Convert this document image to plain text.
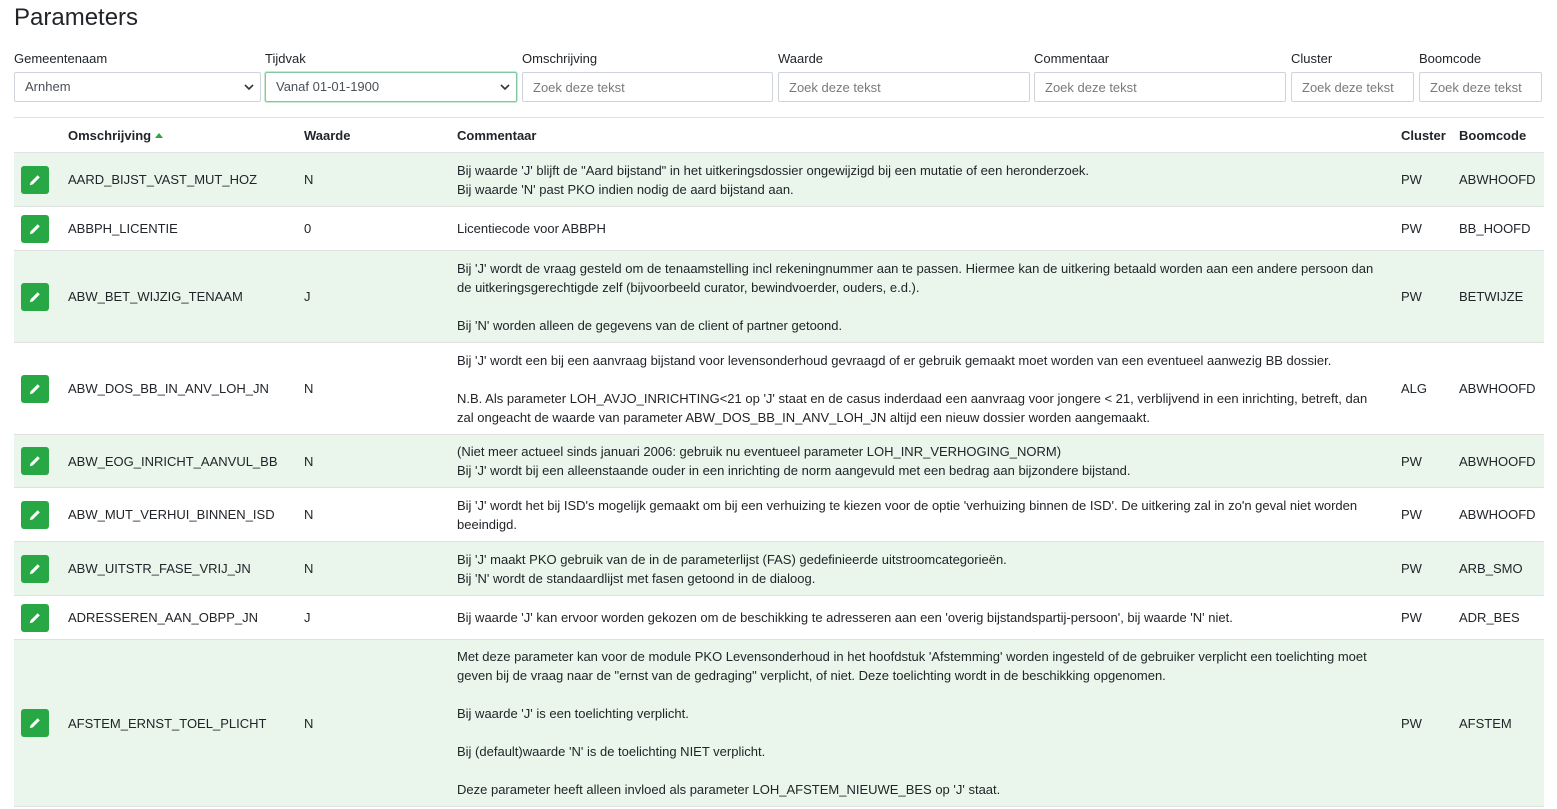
Parameters
Gemeentenaam
Arnhem
Tijdvak
Vanaf 01-01-1900
Omschrijving
Zoek deze tekst	Waarde
Zoek deze tekst	Commentaar
Zoek deze tekst	Cluster
Zoek deze tekst	Boomcode
Zoek deze tekst
	Omschrijving	Waarde	Commentaar	Cluster	Boomcode

	AARD_BIJST_VAST_MUT_HOZ	N	Bij waarde 'J' blijft de "Aard bijstand" in het uitkeringsdossier ongewijzigd bij een mutatie of een heronderzoek.
Bij waarde 'N' past PKO indien nodig de aard bijstand aan.	PW	ABWHOOFD

	ABBPH_LICENTIE	0	Licentiecode voor ABBPH	PW	BB_HOOFD

	ABW_BET_WIJZIG_TENAAM	J	Bij 'J' wordt de vraag gesteld om de tenaamstelling incl rekeningnummer aan te passen. Hiermee kan de uitkering betaald worden aan een andere persoon dan de uitkeringsgerechtigde zelf (bijvoorbeeld curator, bewindvoerder, ouders, e.d.).

Bij 'N' worden alleen de gegevens van de client of partner getoond.	PW	BETWIJZE

	ABW_DOS_BB_IN_ANV_LOH_JN	N	Bij 'J' wordt een bij een aanvraag bijstand voor levensonderhoud gevraagd of er gebruik gemaakt moet worden van een eventueel aanwezig BB dossier.

N.B. Als parameter LOH_AVJO_INRICHTING<21 op 'J' staat en de casus inderdaad een aanvraag voor jongere < 21, verblijvend in een inrichting, betreft, dan zal ongeacht de waarde van parameter ABW_DOS_BB_IN_ANV_LOH_JN altijd een nieuw dossier worden aangemaakt.	ALG	ABWHOOFD

	ABW_EOG_INRICHT_AANVUL_BB	N	(Niet meer actueel sinds januari 2006: gebruik nu eventueel parameter LOH_INR_VERHOGING_NORM)
Bij 'J' wordt bij een alleenstaande ouder in een inrichting de norm aangevuld met een bedrag aan bijzondere bijstand.	PW	ABWHOOFD

	ABW_MUT_VERHUI_BINNEN_ISD	N	Bij 'J' wordt het bij ISD's mogelijk gemaakt om bij een verhuizing te kiezen voor de optie 'verhuizing binnen de ISD'. De uitkering zal in zo'n geval niet worden beeindigd.	PW	ABWHOOFD

	ABW_UITSTR_FASE_VRIJ_JN	N	Bij 'J' maakt PKO gebruik van de in de parameterlijst (FAS) gedefinieerde uitstroomcategorieën.
Bij 'N' wordt de standaardlijst met fasen getoond in de dialoog.	PW	ARB_SMO

	ADRESSEREN_AAN_OBPP_JN	J	Bij waarde 'J' kan ervoor worden gekozen om de beschikking te adresseren aan een 'overig bijstandspartij-persoon', bij waarde 'N' niet.	PW	ADR_BES

	AFSTEM_ERNST_TOEL_PLICHT	N	Met deze parameter kan voor de module PKO Levensonderhoud in het hoofdstuk 'Afstemming' worden ingesteld of de gebruiker verplicht een toelichting moet geven bij de vraag naar de "ernst van de gedraging" verplicht, of niet. Deze toelichting wordt in de beschikking opgenomen.

Bij waarde 'J' is een toelichting verplicht.

Bij (default)waarde 'N' is de toelichting NIET verplicht.

Deze parameter heeft alleen invloed als parameter LOH_AFSTEM_NIEUWE_BES op 'J' staat.	PW	AFSTEM
